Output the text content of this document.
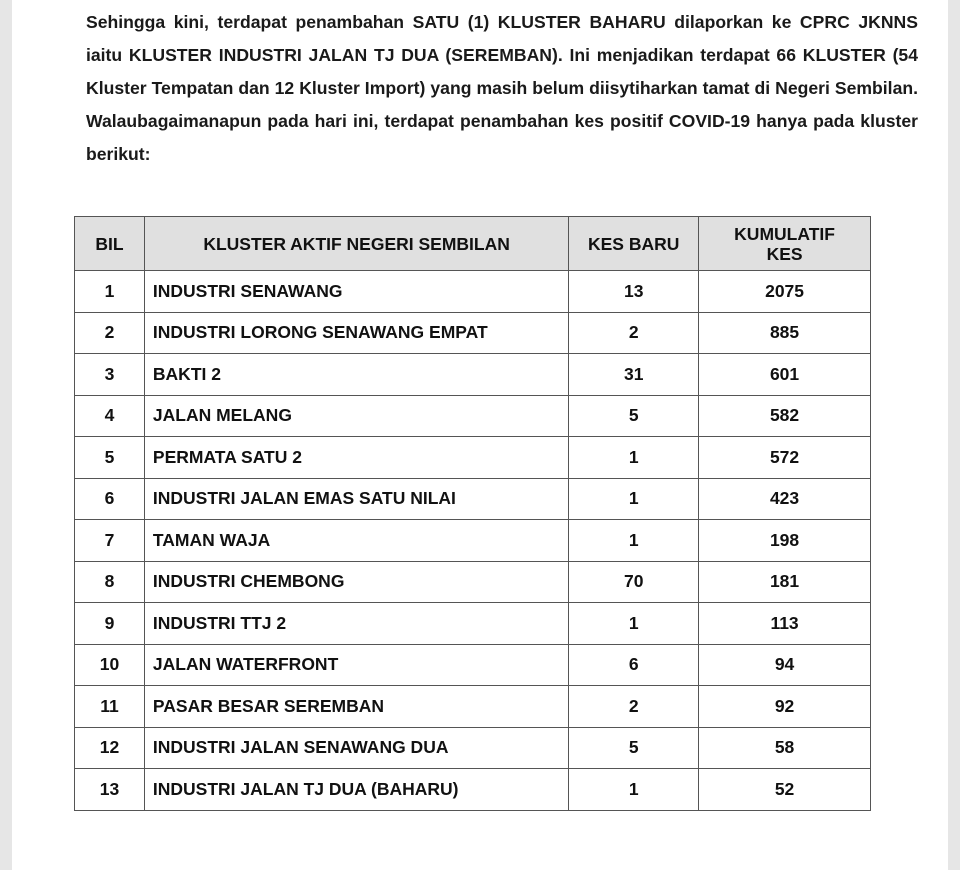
Sehingga kini, terdapat penambahan SATU (1) KLUSTER BAHARU dilaporkan ke CPRC JKNNS iaitu KLUSTER INDUSTRI JALAN TJ DUA (SEREMBAN). Ini menjadikan terdapat 66 KLUSTER (54 Kluster Tempatan dan 12 Kluster Import) yang masih belum diisytiharkan tamat di Negeri Sembilan. Walaubagaimanapun pada hari ini, terdapat penambahan kes positif COVID-19 hanya pada kluster berikut:

BIL	KLUSTER AKTIF NEGERI SEMBILAN	KES BARU	KUMULATIF
KES
1	INDUSTRI SENAWANG	13	2075
2	INDUSTRI LORONG SENAWANG EMPAT	2	885
3	BAKTI 2	31	601
4	JALAN MELANG	5	582
5	PERMATA SATU 2	1	572
6	INDUSTRI JALAN EMAS SATU NILAI	1	423
7	TAMAN WAJA	1	198
8	INDUSTRI CHEMBONG	70	181
9	INDUSTRI TTJ 2	1	113
10	JALAN WATERFRONT	6	94
11	PASAR BESAR SEREMBAN	2	92
12	INDUSTRI JALAN SENAWANG DUA	5	58
13	INDUSTRI JALAN TJ DUA (BAHARU)	1	52
